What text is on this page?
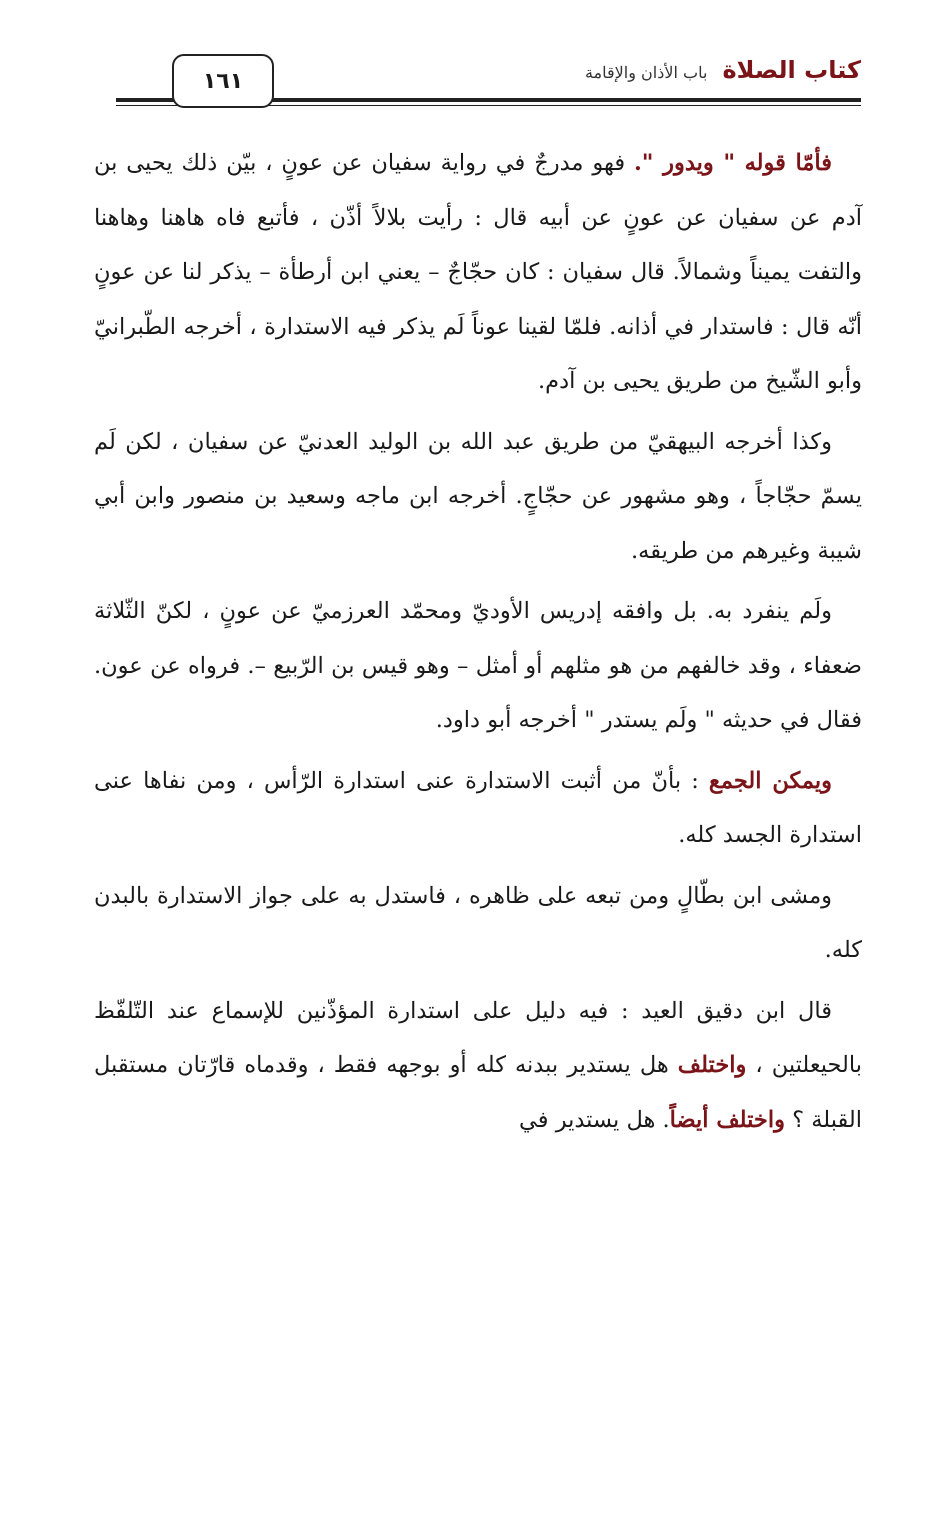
كتاب الصلاة باب الأذان والإقامة
١٦١

فأمّا قوله " ويدور ". فهو مدرجٌ في رواية سفيان عن عونٍ ، بيّن ذلك يحيى بن آدم عن سفيان عن عونٍ عن أبيه قال : رأيت بلالاً أذّن ، فأتبع فاه هاهنا وهاهنا والتفت يميناً وشمالاً. قال سفيان : كان حجّاجٌ – يعني ابن أرطأة – يذكر لنا عن عونٍ أنّه قال : فاستدار في أذانه. فلمّا لقينا عوناً لَم يذكر فيه الاستدارة ، أخرجه الطّبرانيّ وأبو الشّيخ من طريق يحيى بن آدم.

وكذا أخرجه البيهقيّ من طريق عبد الله بن الوليد العدنيّ عن سفيان ، لكن لَم يسمّ حجّاجاً ، وهو مشهور عن حجّاجٍ. أخرجه ابن ماجه وسعيد بن منصور وابن أبي شيبة وغيرهم من طريقه.

ولَم ينفرد به. بل وافقه إدريس الأوديّ ومحمّد العرزميّ عن عونٍ ، لكنّ الثّلاثة ضعفاء ، وقد خالفهم من هو مثلهم أو أمثل – وهو قيس بن الرّبيع –. فرواه عن عون. فقال في حديثه " ولَم يستدر " أخرجه أبو داود.

ويمكن الجمع : بأنّ من أثبت الاستدارة عنى استدارة الرّأس ، ومن نفاها عنى استدارة الجسد كله.

ومشى ابن بطّالٍ ومن تبعه على ظاهره ، فاستدل به على جواز الاستدارة بالبدن كله.

قال ابن دقيق العيد : فيه دليل على استدارة المؤذّنين للإسماع عند التّلفّظ بالحيعلتين ، واختلف هل يستدير ببدنه كله أو بوجهه فقط ، وقدماه قارّتان مستقبل القبلة ؟ واختلف أيضاً. هل يستدير في
